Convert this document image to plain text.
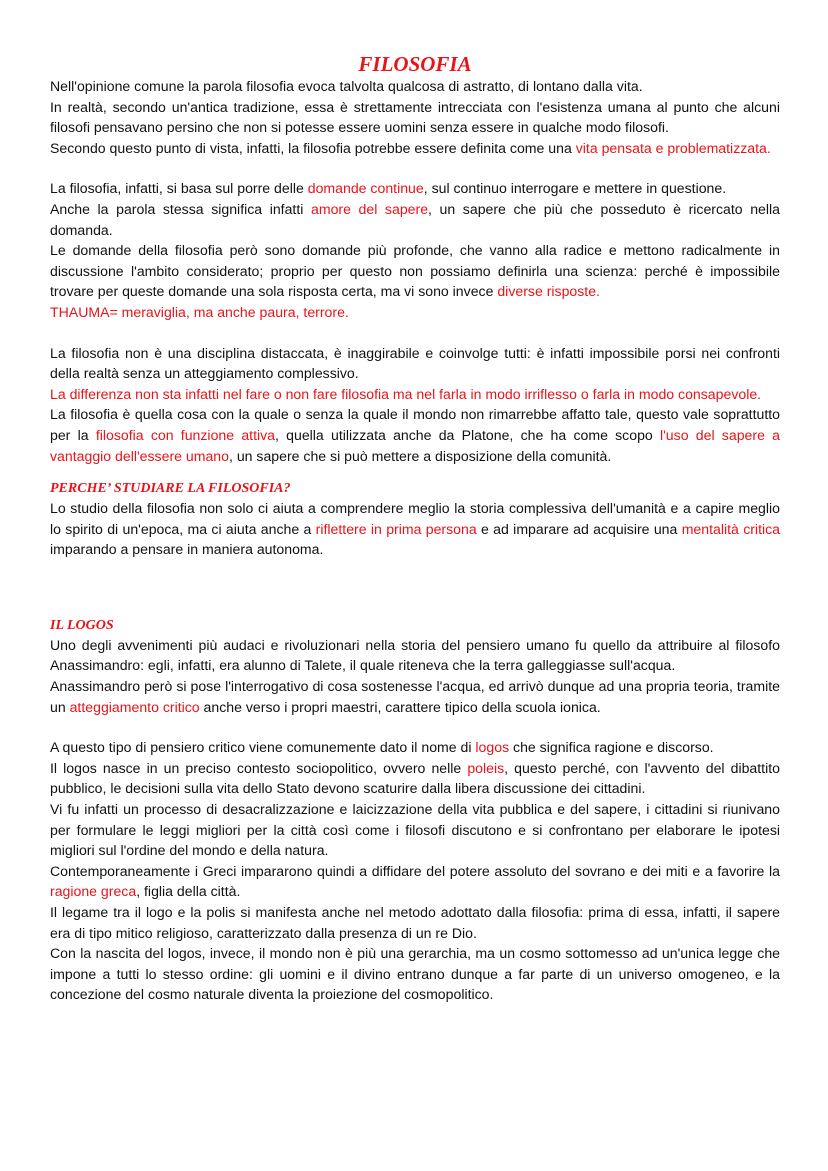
FILOSOFIA

Nell'opinione comune la parola filosofia evoca talvolta qualcosa di astratto, di lontano dalla vita.

In realtà, secondo un'antica tradizione, essa è strettamente intrecciata con l'esistenza umana al punto che alcuni filosofi pensavano persino che non si potesse essere uomini senza essere in qualche modo filosofi.

Secondo questo punto di vista, infatti, la filosofia potrebbe essere definita come una vita pensata e problematizzata.

La filosofia, infatti, si basa sul porre delle domande continue, sul continuo interrogare e mettere in questione.

Anche la parola stessa significa infatti amore del sapere, un sapere che più che posseduto è ricercato nella domanda.

Le domande della filosofia però sono domande più profonde, che vanno alla radice e mettono radicalmente in discussione l'ambito considerato; proprio per questo non possiamo definirla una scienza: perché è impossibile trovare per queste domande una sola risposta certa, ma vi sono invece diverse risposte.

THAUMA= meraviglia, ma anche paura, terrore.

La filosofia non è una disciplina distaccata, è inaggirabile e coinvolge tutti: è infatti impossibile porsi nei confronti della realtà senza un atteggiamento complessivo.

La differenza non sta infatti nel fare o non fare filosofia ma nel farla in modo irriflesso o farla in modo consapevole.

La filosofia è quella cosa con la quale o senza la quale il mondo non rimarrebbe affatto tale, questo vale soprattutto per la filosofia con funzione attiva, quella utilizzata anche da Platone, che ha come scopo l'uso del sapere a vantaggio dell'essere umano, un sapere che si può mettere a disposizione della comunità.

PERCHE’ STUDIARE LA FILOSOFIA?

Lo studio della filosofia non solo ci aiuta a comprendere meglio la storia complessiva dell'umanità e a capire meglio lo spirito di un'epoca, ma ci aiuta anche a riflettere in prima persona e ad imparare ad acquisire una mentalità critica imparando a pensare in maniera autonoma.

IL LOGOS

Uno degli avvenimenti più audaci e rivoluzionari nella storia del pensiero umano fu quello da attribuire al filosofo Anassimandro: egli, infatti, era alunno di Talete, il quale riteneva che la terra galleggiasse sull'acqua.

Anassimandro però si pose l'interrogativo di cosa sostenesse l'acqua, ed arrivò dunque ad una propria teoria, tramite un atteggiamento critico anche verso i propri maestri, carattere tipico della scuola ionica.

A questo tipo di pensiero critico viene comunemente dato il nome di logos che significa ragione e discorso.

Il logos nasce in un preciso contesto sociopolitico, ovvero nelle poleis, questo perché, con l'avvento del dibattito pubblico, le decisioni sulla vita dello Stato devono scaturire dalla libera discussione dei cittadini.

Vi fu infatti un processo di desacralizzazione e laicizzazione della vita pubblica e del sapere, i cittadini si riunivano per formulare le leggi migliori per la città così come i filosofi discutono e si confrontano per elaborare le ipotesi migliori sul l'ordine del mondo e della natura.

Contemporaneamente i Greci impararono quindi a diffidare del potere assoluto del sovrano e dei miti e a favorire la ragione greca, figlia della città.

Il legame tra il logo e la polis si manifesta anche nel metodo adottato dalla filosofia: prima di essa, infatti, il sapere era di tipo mitico religioso, caratterizzato dalla presenza di un re Dio.

Con la nascita del logos, invece, il mondo non è più una gerarchia, ma un cosmo sottomesso ad un'unica legge che impone a tutti lo stesso ordine: gli uomini e il divino entrano dunque a far parte di un universo omogeneo, e la concezione del cosmo naturale diventa la proiezione del cosmopolitico.
